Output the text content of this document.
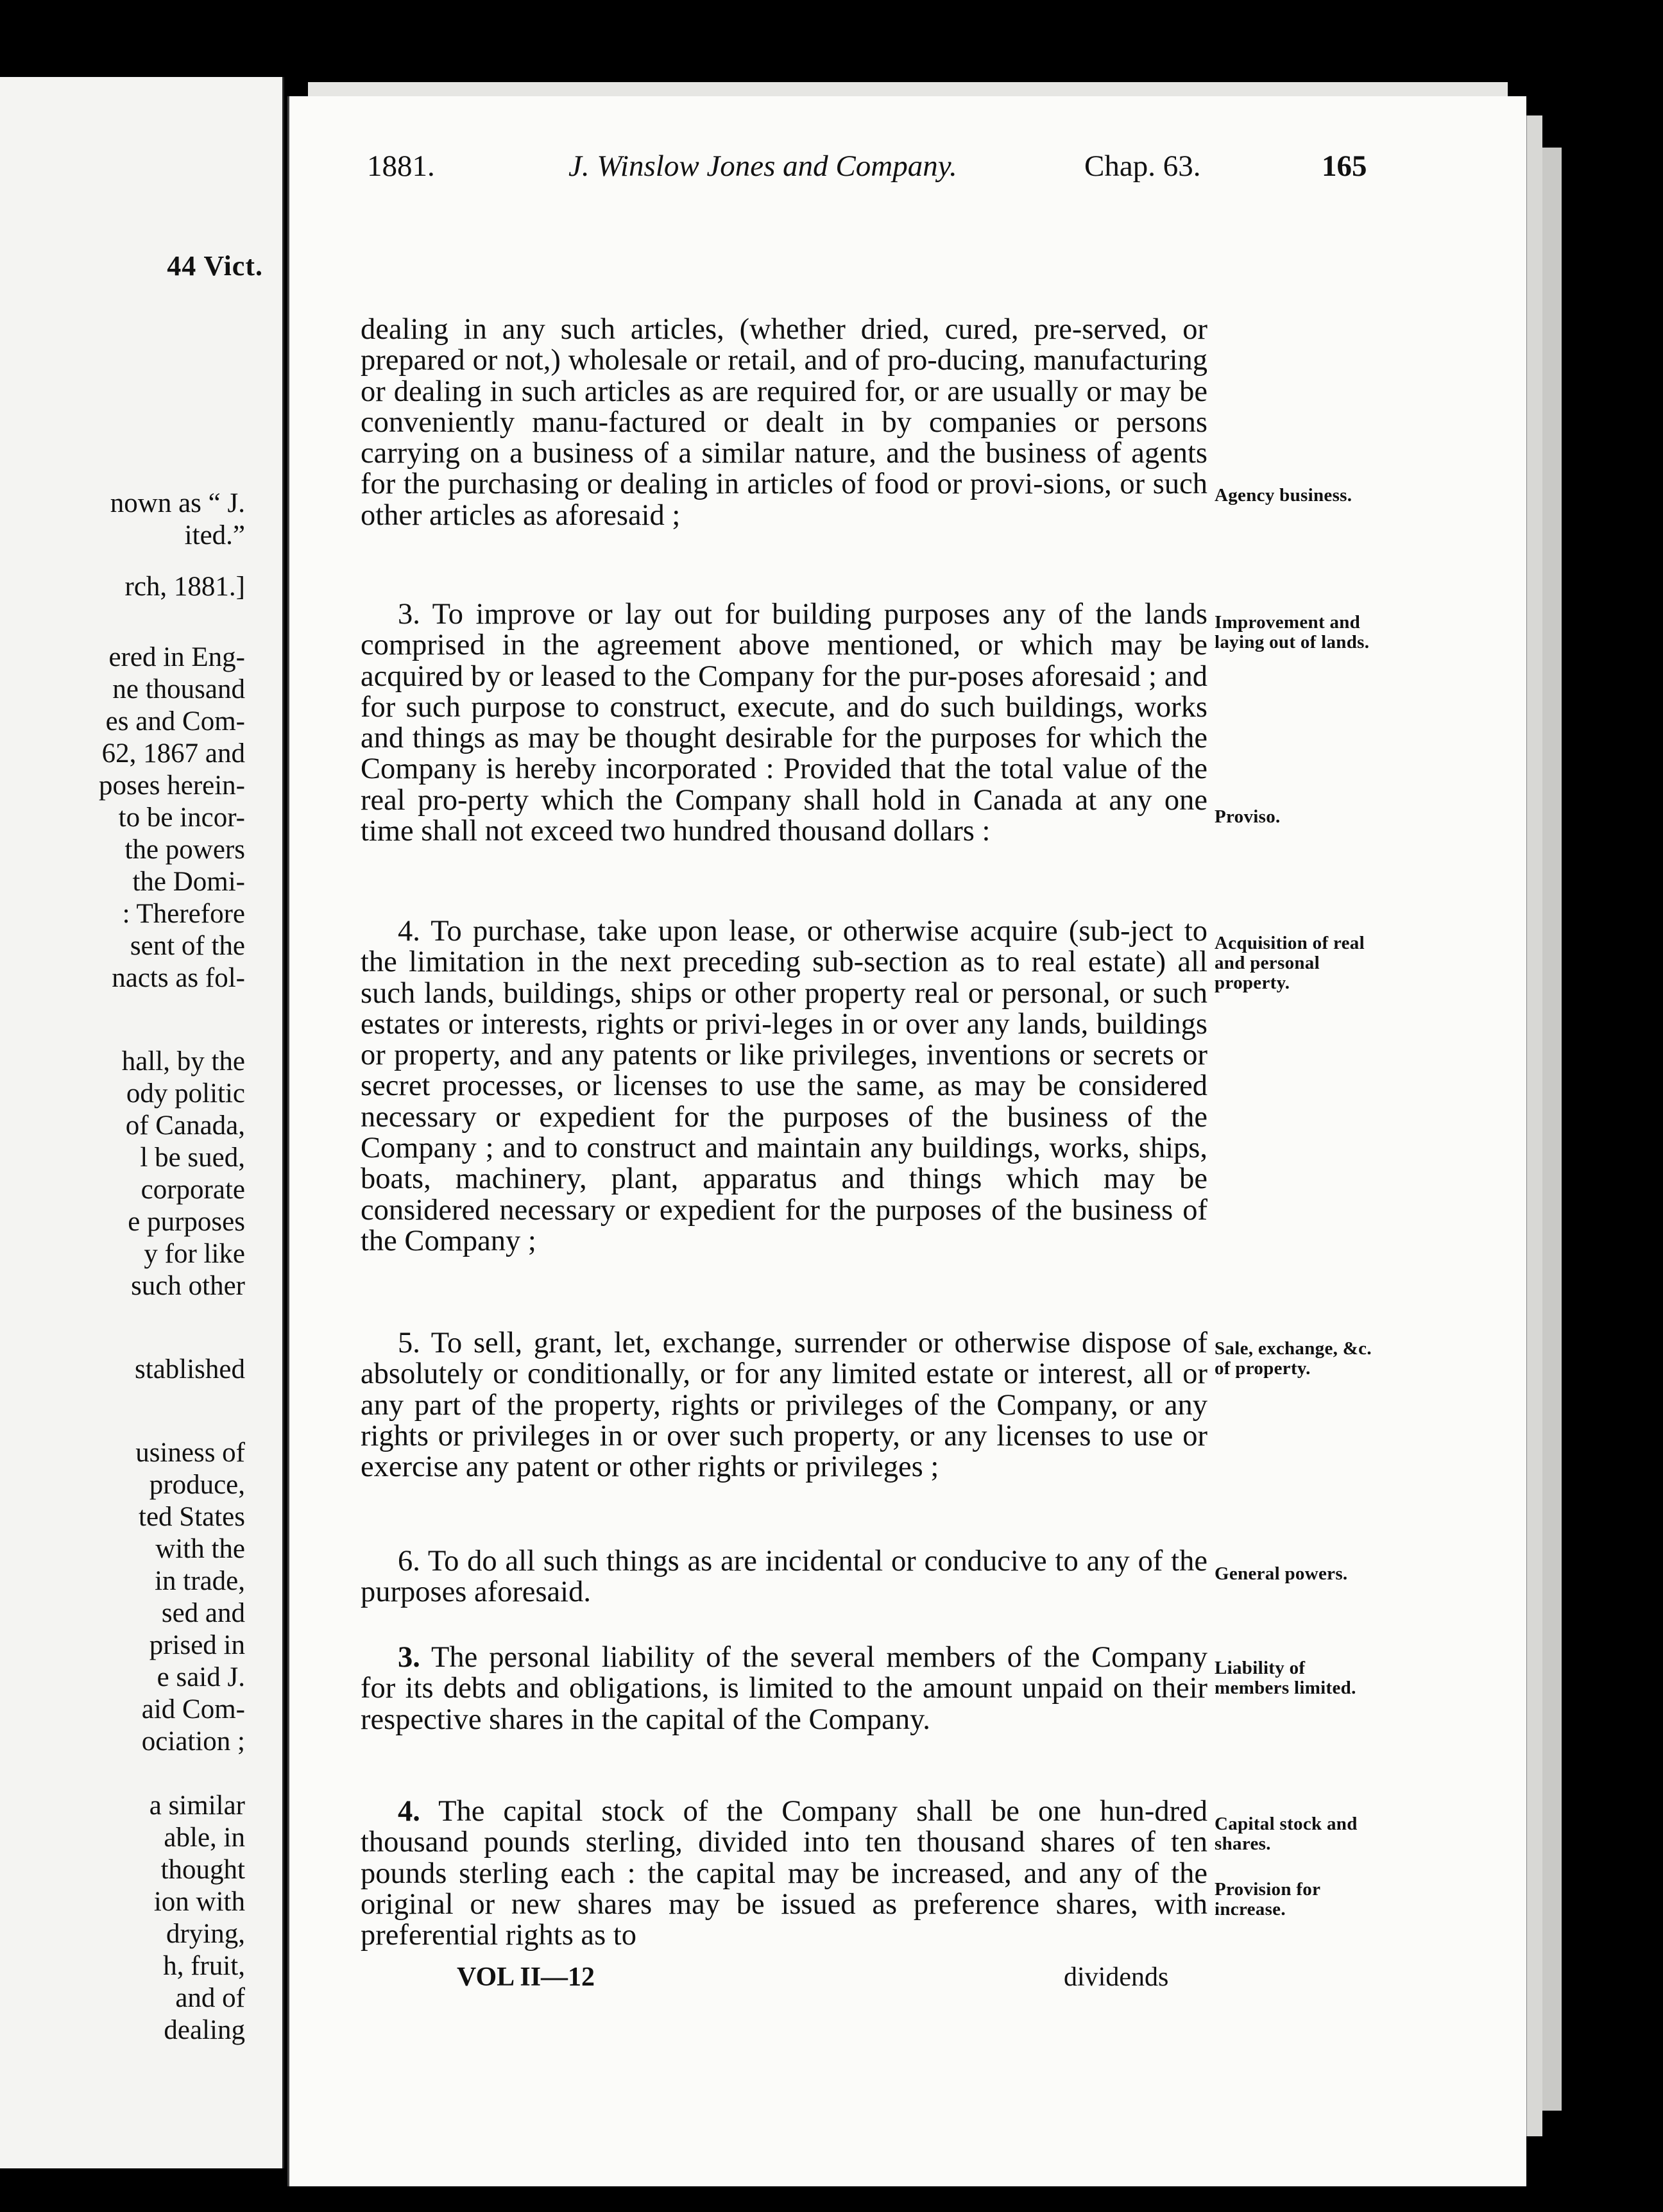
44 Vict.
nown as “ J.
ited.”
rch, 1881.]
ered in Eng-
ne thousand
es and Com-
62, 1867 and
poses herein-
to be incor-
the powers
the Domi-
: Therefore
sent of the
nacts as fol-
hall, by the
ody politic
of Canada,
l be sued,
corporate
e purposes
y for like
such other
stablished
usiness of
produce,
ted States
with the
in trade,
sed and
prised in
e said J.
aid Com-
ociation ;
a similar
able, in
thought
ion with
drying,
h, fruit,
and of
dealing
1881.	J. Winslow Jones and Company.	Chap. 63.	165

dealing in any such articles, (whether dried, cured, pre-served, or prepared or not,) wholesale or retail, and of pro-ducing, manufacturing or dealing in such articles as are required for, or are usually or may be conveniently manu-factured or dealt in by companies or persons carrying on a business of a similar nature, and the business of agents for the purchasing or dealing in articles of food or provi-sions, or such other articles as aforesaid ;

3. To improve or lay out for building purposes any of the lands comprised in the agreement above mentioned, or which may be acquired by or leased to the Company for the pur-poses aforesaid ; and for such purpose to construct, execute, and do such buildings, works and things as may be thought desirable for the purposes for which the Company is hereby incorporated : Provided that the total value of the real pro-perty which the Company shall hold in Canada at any one time shall not exceed two hundred thousand dollars :

4. To purchase, take upon lease, or otherwise acquire (sub-ject to the limitation in the next preceding sub-section as to real estate) all such lands, buildings, ships or other property real or personal, or such estates or interests, rights or privi-leges in or over any lands, buildings or property, and any patents or like privileges, inventions or secrets or secret processes, or licenses to use the same, as may be considered necessary or expedient for the purposes of the business of the Company ; and to construct and maintain any buildings, works, ships, boats, machinery, plant, apparatus and things which may be considered necessary or expedient for the purposes of the business of the Company ;

5. To sell, grant, let, exchange, surrender or otherwise dispose of absolutely or conditionally, or for any limited estate or interest, all or any part of the property, rights or privileges of the Company, or any rights or privileges in or over such property, or any licenses to use or exercise any patent or other rights or privileges ;

6. To do all such things as are incidental or conducive to any of the purposes aforesaid.

3. The personal liability of the several members of the Company for its debts and obligations, is limited to the amount unpaid on their respective shares in the capital of the Company.

4. The capital stock of the Company shall be one hun-dred thousand pounds sterling, divided into ten thousand shares of ten pounds sterling each : the capital may be increased, and any of the original or new shares may be issued as preference shares, with preferential rights as to

Agency business.
Improvement and laying out of lands.
Proviso.
Acquisition of real and personal property.
Sale, exchange, &c. of property.
General powers.
Liability of members limited.
Capital stock and shares.
Provision for increase.
VOL II—12	dividends
